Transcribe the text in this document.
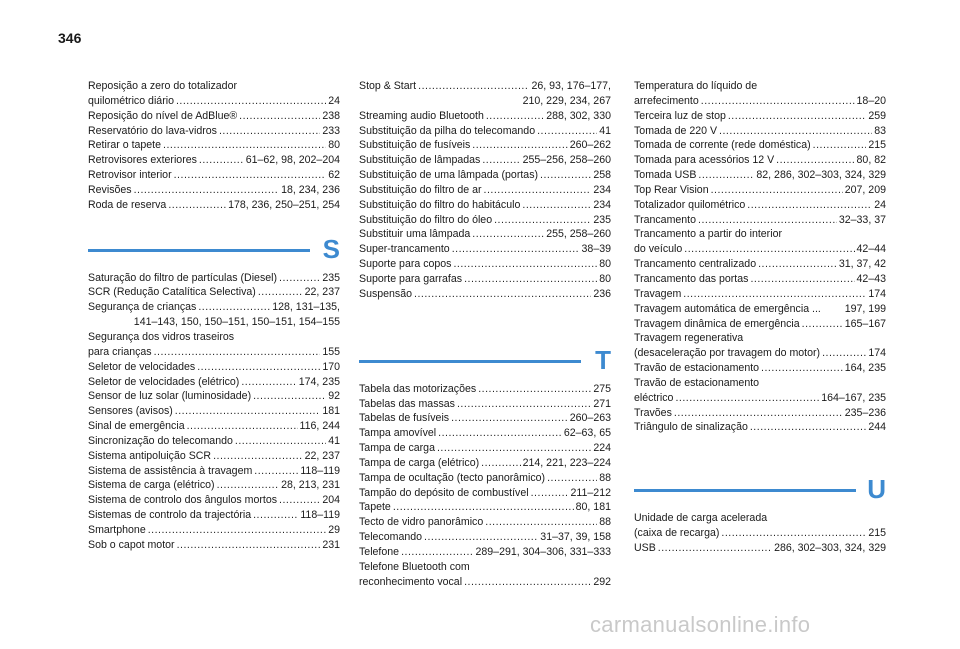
346
Reposição a zero do totalizador
quilométrico diário .....	24
Reposição do nível de AdBlue® .....	238
Reservatório do lava-vidros .....	233
Retirar o tapete .....	80
Retrovisores exteriores .....	61–62, 98, 202–204
Retrovisor interior .....	62
Revisões .....	18, 234, 236
Roda de reserva .....	178, 236, 250–251, 254
S
Saturação do filtro de partículas (Diesel) .....	235
SCR (Redução Catalítica Selectiva) .....	22, 237
Segurança de crianças .....	128, 131–135,
141–143, 150, 150–151, 150–151, 154–155
Segurança dos vidros traseiros
para crianças .....	155
Seletor de velocidades .....	170
Seletor de velocidades (elétrico) .....	174, 235
Sensor de luz solar (luminosidade) .....	92
Sensores (avisos) .....	181
Sinal de emergência .....	116, 244
Sincronização do telecomando .....	41
Sistema antipoluição SCR .....	22, 237
Sistema de assistência à travagem .....	118–119
Sistema de carga (elétrico) .....	28, 213, 231
Sistema de controlo dos ângulos mortos .....	204
Sistemas de controlo da trajectória .....	118–119
Smartphone .....	29
Sob o capot motor .....	231
Stop & Start .....	26, 93, 176–177,
210, 229, 234, 267
Streaming audio Bluetooth .....	288, 302, 330
Substituição da pilha do telecomando .....	41
Substituição de fusíveis .....	260–262
Substituição de lâmpadas .....	255–256, 258–260
Substituição de uma lâmpada (portas) .....	258
Substituição do filtro de ar .....	234
Substituição do filtro do habitáculo .....	234
Substituição do filtro do óleo .....	235
Substituir uma lâmpada .....	255, 258–260
Super-trancamento .....	38–39
Suporte para copos .....	80
Suporte para garrafas .....	80
Suspensão .....	236
T
Tabela das motorizações .....	275
Tabelas das massas .....	271
Tabelas de fusíveis .....	260–263
Tampa amovível .....	62–63, 65
Tampa de carga .....	224
Tampa de carga (elétrico) .....	214, 221, 223–224
Tampa de ocultação (tecto panorâmico) .....	88
Tampão do depósito de combustível .....	211–212
Tapete .....	80, 181
Tecto de vidro panorâmico .....	88
Telecomando .....	31–37, 39, 158
Telefone .....	289–291, 304–306, 331–333
Telefone Bluetooth com
reconhecimento vocal .....	292
Temperatura do líquido de
arrefecimento .....	18–20
Terceira luz de stop .....	259
Tomada de 220 V .....	83
Tomada de corrente (rede doméstica) .....	215
Tomada para acessórios 12 V .....	80, 82
Tomada USB .....	82, 286, 302–303, 324, 329
Top Rear Vision .....	207, 209
Totalizador quilométrico .....	24
Trancamento .....	32–33, 37
Trancamento a partir do interior
do veículo .....	42–44
Trancamento centralizado .....	31, 37, 42
Trancamento das portas .....	42–43
Travagem .....	174
Travagem automática de emergência ... 197, 199
Travagem dinâmica de emergência .....	165–167
Travagem regenerativa
(desaceleração por travagem do motor) .....	174
Travão de estacionamento .....	164, 235
Travão de estacionamento
eléctrico .....	164–167, 235
Travões .....	235–236
Triângulo de sinalização .....	244
U
Unidade de carga acelerada
(caixa de recarga) .....	215
USB .....	286, 302–303, 324, 329
carmanualsonline.info
